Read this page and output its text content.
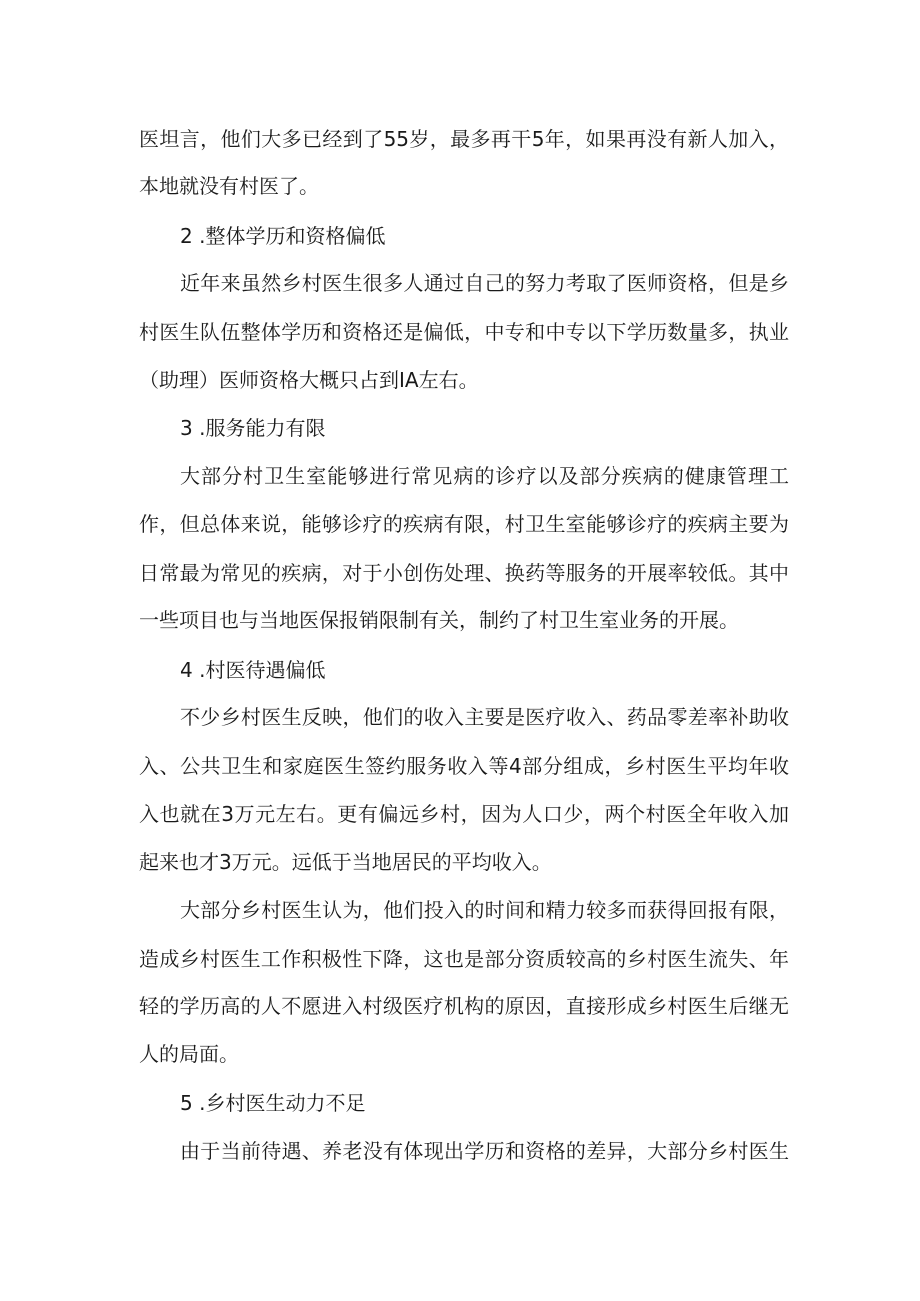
医坦言，他们大多已经到了55岁，最多再干5年，如果再没有新人加入，
本地就没有村医了。
2 .整体学历和资格偏低
近年来虽然乡村医生很多人通过自己的努力考取了医师资格，但是乡
村医生队伍整体学历和资格还是偏低，中专和中专以下学历数量多，执业
（助理）医师资格大概只占到IA左右。
3 .服务能力有限
大部分村卫生室能够进行常见病的诊疗以及部分疾病的健康管理工
作，但总体来说，能够诊疗的疾病有限，村卫生室能够诊疗的疾病主要为
日常最为常见的疾病，对于小创伤处理、换药等服务的开展率较低。其中
一些项目也与当地医保报销限制有关，制约了村卫生室业务的开展。
4 .村医待遇偏低
不少乡村医生反映，他们的收入主要是医疗收入、药品零差率补助收
入、公共卫生和家庭医生签约服务收入等4部分组成，乡村医生平均年收
入也就在3万元左右。更有偏远乡村，因为人口少，两个村医全年收入加
起来也才3万元。远低于当地居民的平均收入。
大部分乡村医生认为，他们投入的时间和精力较多而获得回报有限，
造成乡村医生工作积极性下降，这也是部分资质较高的乡村医生流失、年
轻的学历高的人不愿进入村级医疗机构的原因，直接形成乡村医生后继无
人的局面。
5 .乡村医生动力不足
由于当前待遇、养老没有体现出学历和资格的差异，大部分乡村医生
